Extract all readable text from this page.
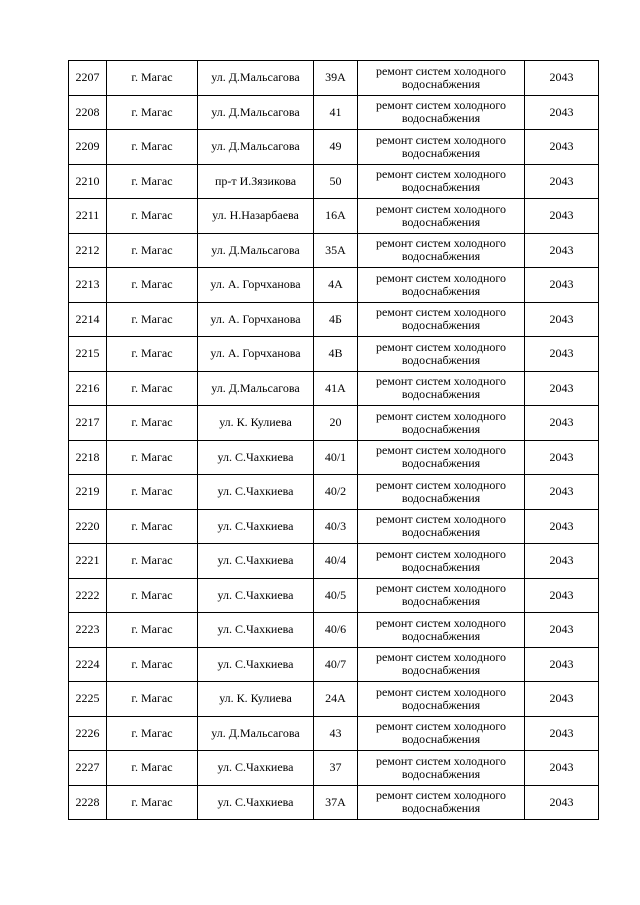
2207	г. Магас	ул. Д.Мальсагова	39А	ремонт систем холодного
водоснабжения	2043
2208	г. Магас	ул. Д.Мальсагова	41	ремонт систем холодного
водоснабжения	2043
2209	г. Магас	ул. Д.Мальсагова	49	ремонт систем холодного
водоснабжения	2043
2210	г. Магас	пр-т И.Зязикова	50	ремонт систем холодного
водоснабжения	2043
2211	г. Магас	ул. Н.Назарбаева	16А	ремонт систем холодного
водоснабжения	2043
2212	г. Магас	ул. Д.Мальсагова	35А	ремонт систем холодного
водоснабжения	2043
2213	г. Магас	ул. А. Горчханова	4А	ремонт систем холодного
водоснабжения	2043
2214	г. Магас	ул. А. Горчханова	4Б	ремонт систем холодного
водоснабжения	2043
2215	г. Магас	ул. А. Горчханова	4В	ремонт систем холодного
водоснабжения	2043
2216	г. Магас	ул. Д.Мальсагова	41А	ремонт систем холодного
водоснабжения	2043
2217	г. Магас	ул. К. Кулиева	20	ремонт систем холодного
водоснабжения	2043
2218	г. Магас	ул. С.Чахкиева	40/1	ремонт систем холодного
водоснабжения	2043
2219	г. Магас	ул. С.Чахкиева	40/2	ремонт систем холодного
водоснабжения	2043
2220	г. Магас	ул. С.Чахкиева	40/3	ремонт систем холодного
водоснабжения	2043
2221	г. Магас	ул. С.Чахкиева	40/4	ремонт систем холодного
водоснабжения	2043
2222	г. Магас	ул. С.Чахкиева	40/5	ремонт систем холодного
водоснабжения	2043
2223	г. Магас	ул. С.Чахкиева	40/6	ремонт систем холодного
водоснабжения	2043
2224	г. Магас	ул. С.Чахкиева	40/7	ремонт систем холодного
водоснабжения	2043
2225	г. Магас	ул. К. Кулиева	24А	ремонт систем холодного
водоснабжения	2043
2226	г. Магас	ул. Д.Мальсагова	43	ремонт систем холодного
водоснабжения	2043
2227	г. Магас	ул. С.Чахкиева	37	ремонт систем холодного
водоснабжения	2043
2228	г. Магас	ул. С.Чахкиева	37А	ремонт систем холодного
водоснабжения	2043
